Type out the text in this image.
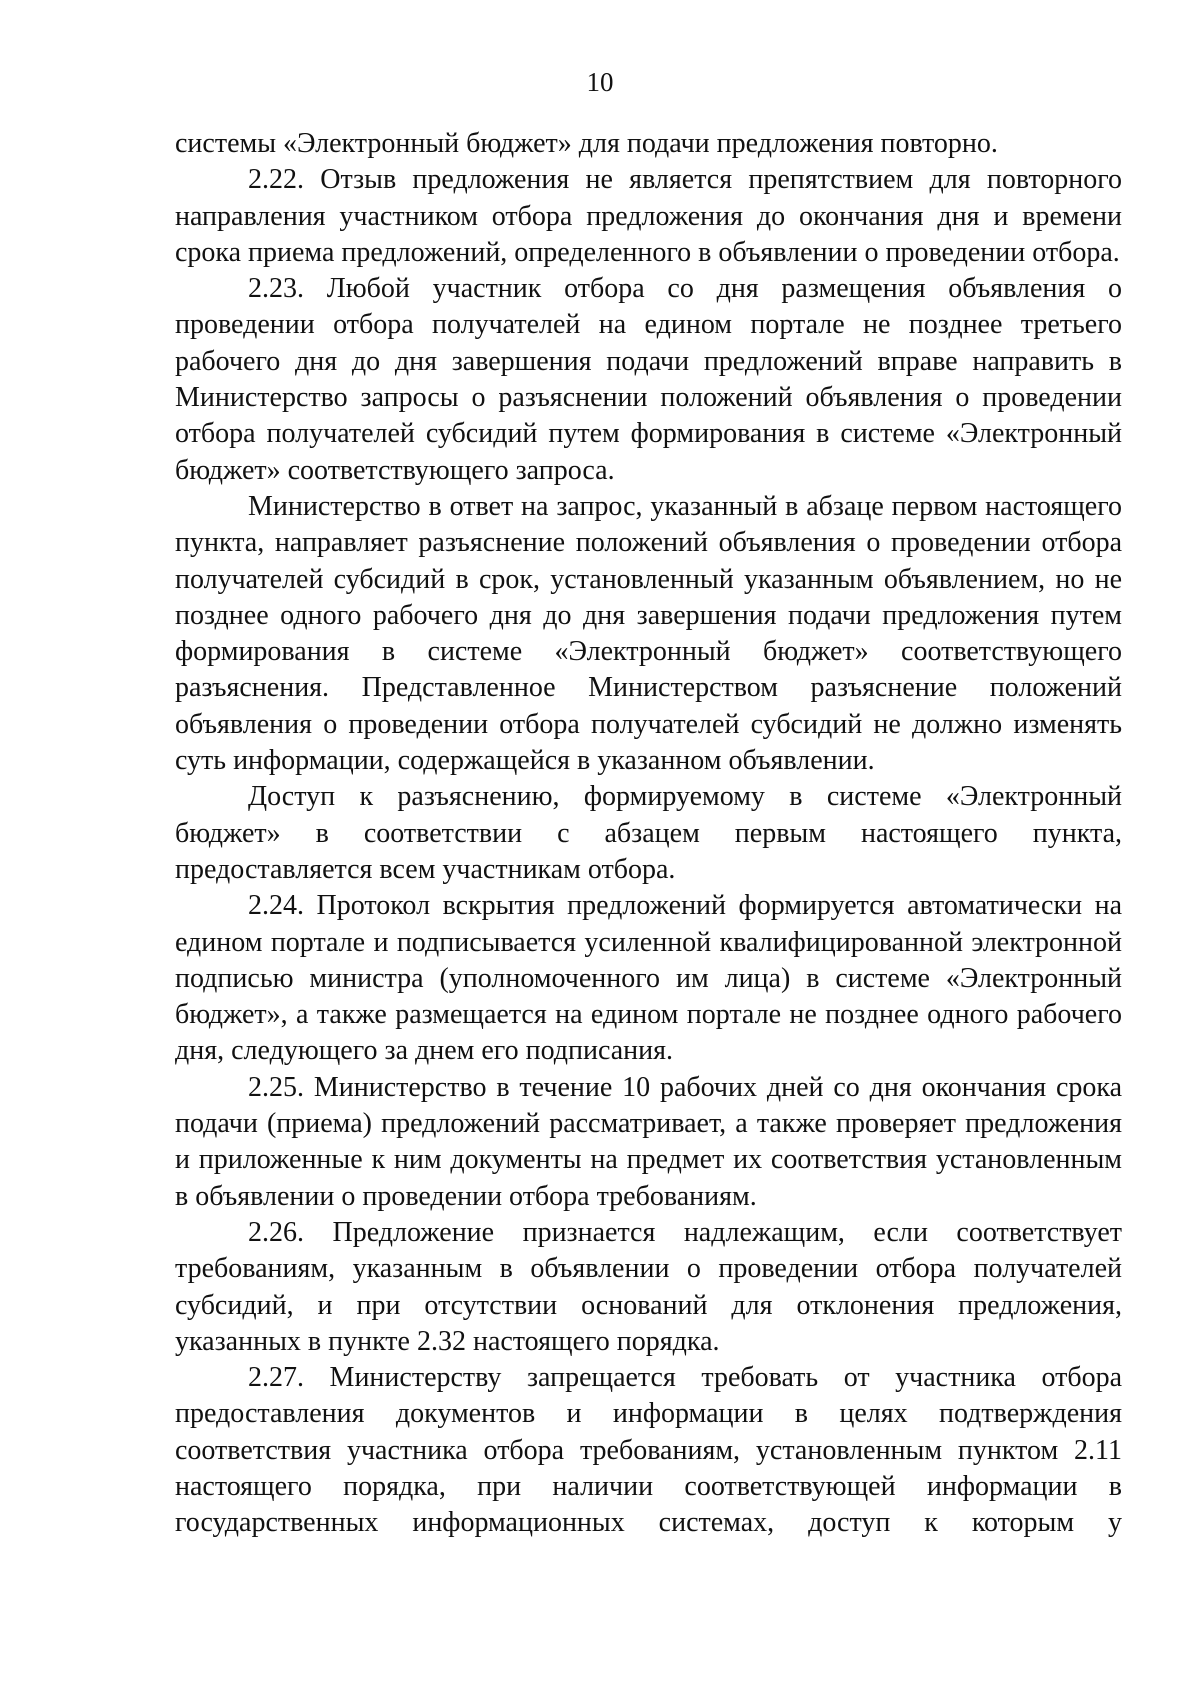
10

системы «Электронный бюджет» для подачи предложения повторно.

2.22. Отзыв предложения не является препятствием для повторного направления участником отбора предложения до окончания дня и времени срока приема предложений, определенного в объявлении о проведении отбора.

2.23. Любой участник отбора со дня размещения объявления о проведении отбора получателей на едином портале не позднее третьего рабочего дня до дня завершения подачи предложений вправе направить в Министерство запросы о разъяснении положений объявления о проведении отбора получателей субсидий путем формирования в системе «Электронный бюджет» соответствующего запроса.

Министерство в ответ на запрос, указанный в абзаце первом настоящего пункта, направляет разъяснение положений объявления о проведении отбора получателей субсидий в срок, установленный указанным объявлением, но не позднее одного рабочего дня до дня завершения подачи предложения путем формирования в системе «Электронный бюджет» соответствующего разъяснения. Представленное Министерством разъяснение положений объявления о проведении отбора получателей субсидий не должно изменять суть информации, содержащейся в указанном объявлении.

Доступ к разъяснению, формируемому в системе «Электронный бюджет» в соответствии с абзацем первым настоящего пункта, предоставляется всем участникам отбора.

2.24. Протокол вскрытия предложений формируется автоматически на едином портале и подписывается усиленной квалифицированной электронной подписью министра (уполномоченного им лица) в системе «Электронный бюджет», а также размещается на едином портале не позднее одного рабочего дня, следующего за днем его подписания.

2.25. Министерство в течение 10 рабочих дней со дня окончания срока подачи (приема) предложений рассматривает, а также проверяет предложения и приложенные к ним документы на предмет их соответствия установленным в объявлении о проведении отбора требованиям.

2.26. Предложение признается надлежащим, если соответствует требованиям, указанным в объявлении о проведении отбора получателей субсидий, и при отсутствии оснований для отклонения предложения, указанных в пункте 2.32 настоящего порядка.

2.27. Министерству запрещается требовать от участника отбора предоставления документов и информации в целях подтверждения соответствия участника отбора требованиям, установленным пунктом 2.11 настоящего порядка, при наличии соответствующей информации в государственных информационных системах, доступ к которым у
